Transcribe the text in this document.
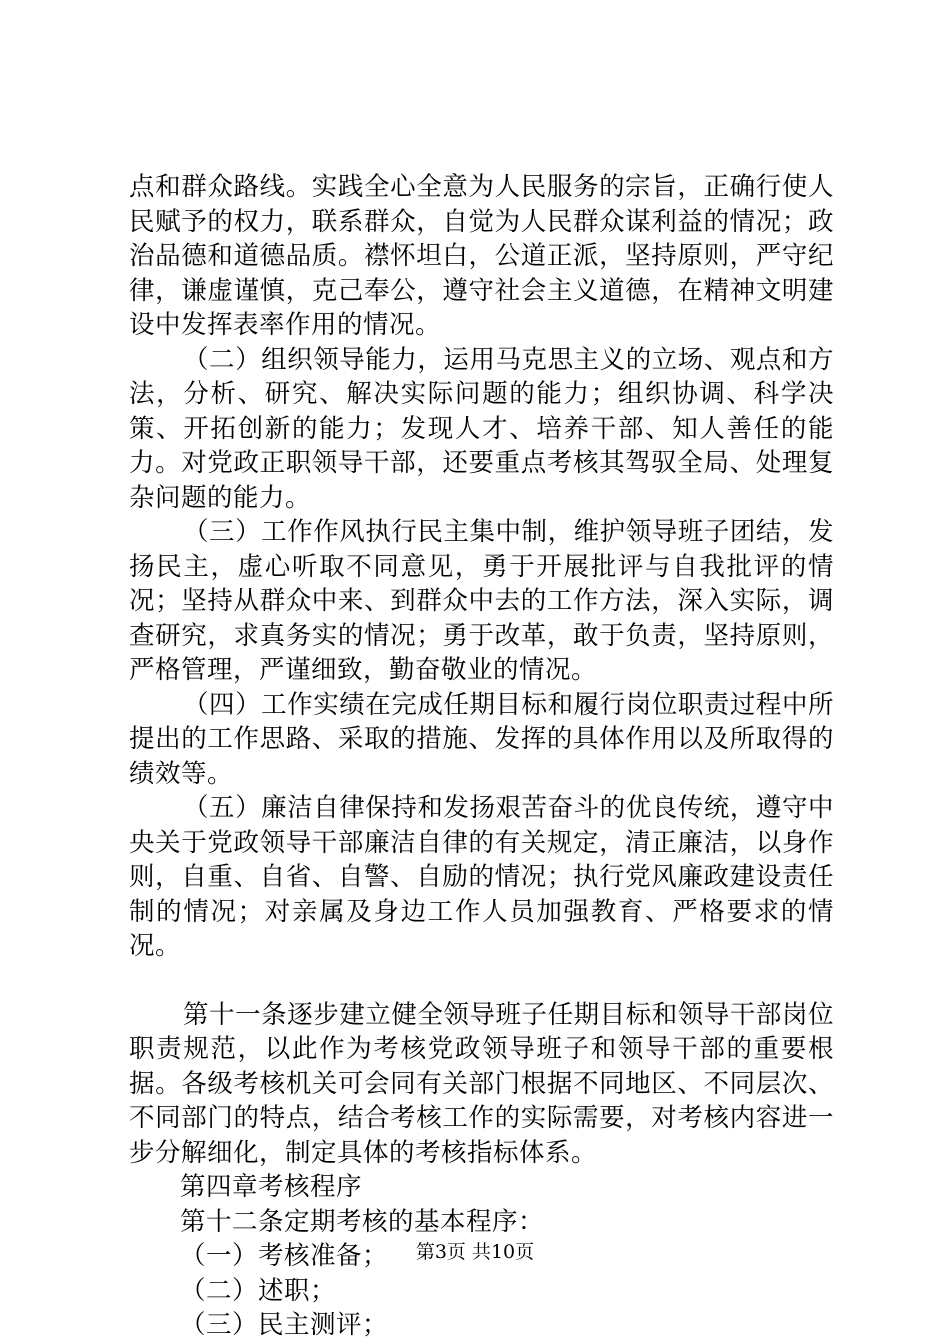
点和群众路线。实践全心全意为人民服务的宗旨，正确行使人民赋予的权力，联系群众，自觉为人民群众谋利益的情况；政治品德和道德品质。襟怀坦白，公道正派，坚持原则，严守纪律，谦虚谨慎，克己奉公，遵守社会主义道德，在精神文明建设中发挥表率作用的情况。

（二）组织领导能力，运用马克思主义的立场、观点和方法，分析、研究、解决实际问题的能力；组织协调、科学决策、开拓创新的能力；发现人才、培养干部、知人善任的能力。对党政正职领导干部，还要重点考核其驾驭全局、处理复杂问题的能力。

（三）工作作风执行民主集中制，维护领导班子团结，发扬民主，虚心听取不同意见，勇于开展批评与自我批评的情况；坚持从群众中来、到群众中去的工作方法，深入实际，调查研究，求真务实的情况；勇于改革，敢于负责，坚持原则，严格管理，严谨细致，勤奋敬业的情况。

（四）工作实绩在完成任期目标和履行岗位职责过程中所提出的工作思路、采取的措施、发挥的具体作用以及所取得的绩效等。

（五）廉洁自律保持和发扬艰苦奋斗的优良传统，遵守中央关于党政领导干部廉洁自律的有关规定，清正廉洁，以身作则，自重、自省、自警、自励的情况；执行党风廉政建设责任制的情况；对亲属及身边工作人员加强教育、严格要求的情况。

第十一条逐步建立健全领导班子任期目标和领导干部岗位职责规范，以此作为考核党政领导班子和领导干部的重要根据。各级考核机关可会同有关部门根据不同地区、不同层次、不同部门的特点，结合考核工作的实际需要，对考核内容进一步分解细化，制定具体的考核指标体系。

第四章考核程序

第十二条定期考核的基本程序：

（一）考核准备；

（二）述职；

（三）民主测评；

第3页 共10页
